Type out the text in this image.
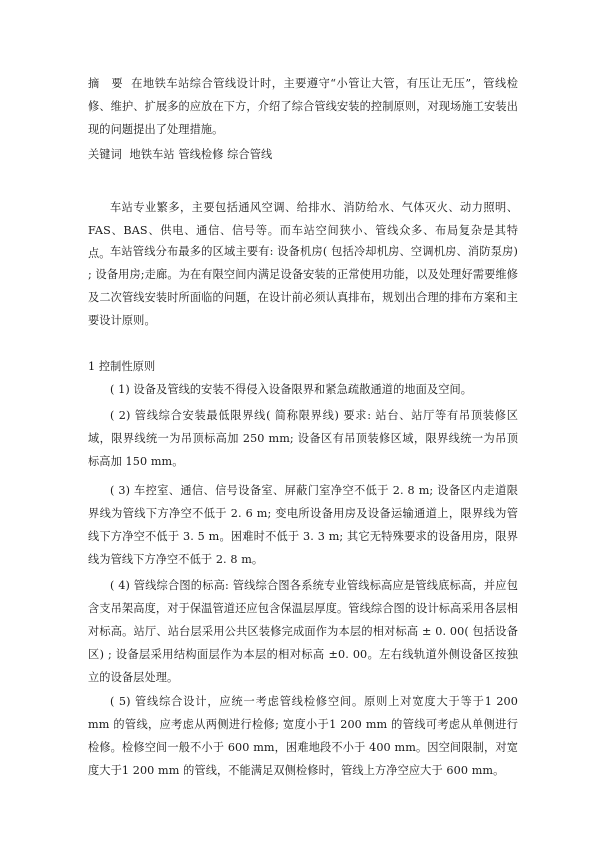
摘　要 在地铁车站综合管线设计时，主要遵守“小管让大管，有压让无压”，管线检修、维护、扩展多的应放在下方，介绍了综合管线安装的控制原则，对现场施工安装出现的问题提出了处理措施。

关键词 地铁车站 管线检修 综合管线

车站专业繁多，主要包括通风空调、给排水、消防给水、气体灭火、动力照明、FAS、BAS、供电、通信、信号等。而车站空间狭小、管线众多、布局复杂是其特点。 车站管线分布最多的区域主要有: 设备机房( 包括冷却机房、空调机房、消防泵房) ; 设备用房;走廊。为在有限空间内满足设备安装的正常使用功能，以及处理好需要维修及二次管线安装时所面临的问题，在设计前必须认真排布，规划出合理的排布方案和主要设计原则。

1 控制性原则

( 1) 设备及管线的安装不得侵入设备限界和紧急疏散通道的地面及空间。

( 2) 管线综合安装最低限界线( 简称限界线) 要求: 站台、站厅等有吊顶装修区域，限界线统一为吊顶标高加 250 mm; 设备区有吊顶装修区域，限界线统一为吊顶标高加 150 mm。

( 3) 车控室、通信、信号设备室、屏蔽门室净空不低于 2. 8 m; 设备区内走道限界线为管线下方净空不低于 2. 6 m; 变电所设备用房及设备运输通道上，限界线为管线下方净空不低于 3. 5 m。困难时不低于 3. 3 m; 其它无特殊要求的设备用房，限界线为管线下方净空不低于 2. 8 m。

( 4) 管线综合图的标高: 管线综合图各系统专业管线标高应是管线底标高，并应包含支吊架高度，对于保温管道还应包含保温层厚度。管线综合图的设计标高采用各层相对标高。站厅、站台层采用公共区装修完成面作为本层的相对标高 ± 0. 00( 包括设备区) ; 设备层采用结构面层作为本层的相对标高 ±0. 00。左右线轨道外侧设备区按独立的设备层处理。

( 5) 管线综合设计，应统一考虑管线检修空间。原则上对宽度大于等于1 200 mm 的管线，应考虑从两侧进行检修; 宽度小于1 200 mm 的管线可考虑从单侧进行检修。检修空间一般不小于 600 mm，困难地段不小于 400 mm。因空间限制，对宽度大于1 200 mm 的管线，不能满足双侧检修时，管线上方净空应大于 600 mm。
